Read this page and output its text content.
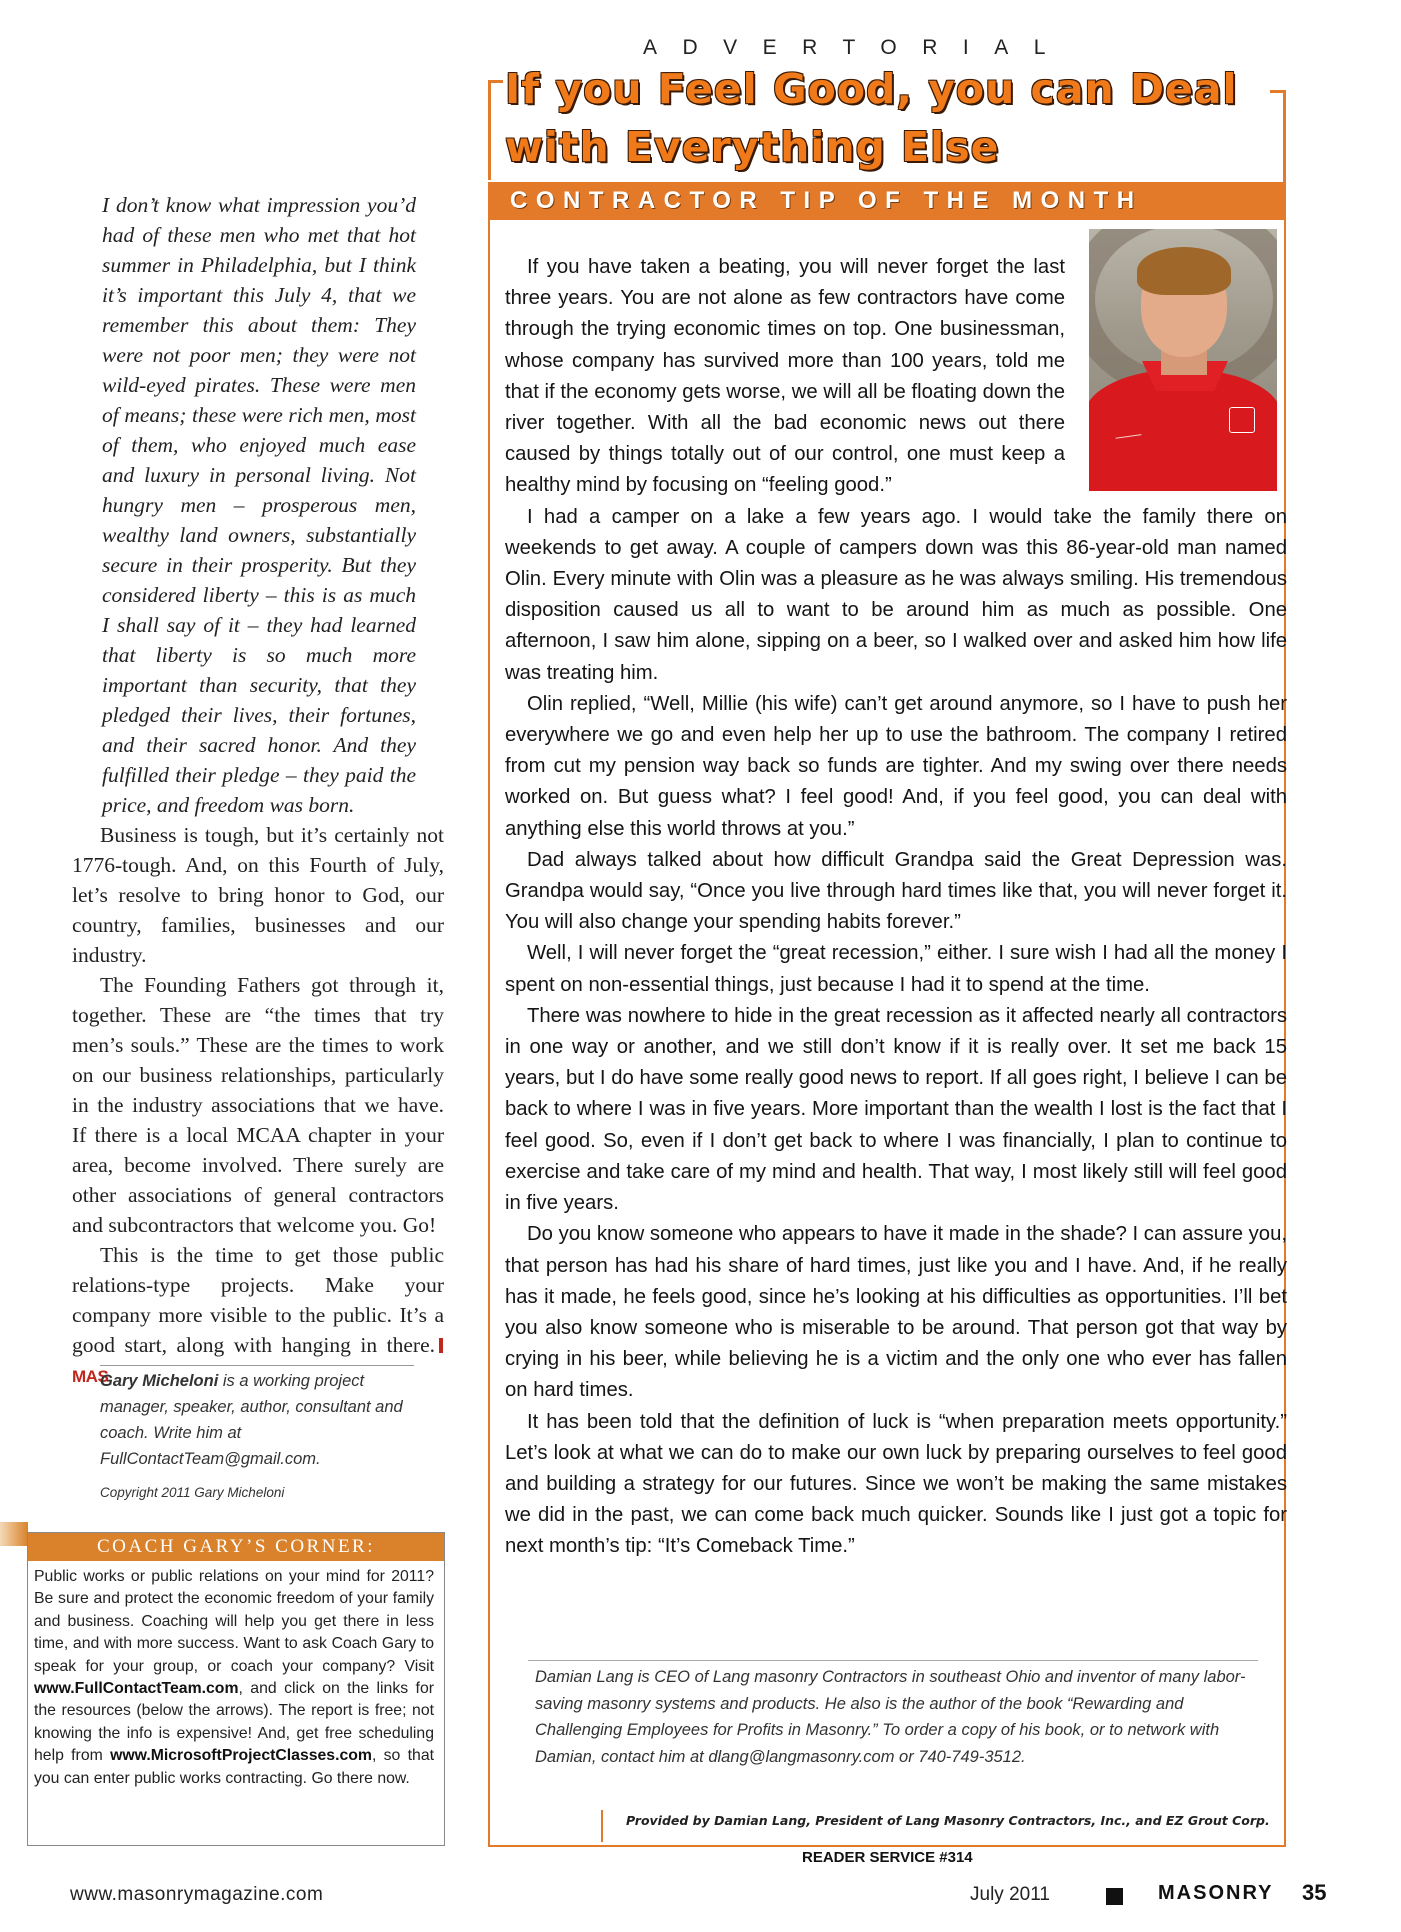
I don’t know what impression you’d had of these men who met that hot summer in Philadelphia, but I think it’s important this July 4, that we remember this about them: They were not poor men; they were not wild-eyed pirates. These were men of means; these were rich men, most of them, who enjoyed much ease and luxury in personal living. Not hungry men – prosperous men, wealthy land owners, substantially secure in their prosperity. But they considered liberty – this is as much I shall say of it – they had learned that liberty is so much more important than security, that they pledged their lives, their fortunes, and their sacred honor. And they fulfilled their pledge – they paid the price, and freedom was born.

Business is tough, but it’s certainly not 1776-tough. And, on this Fourth of July, let’s resolve to bring honor to God, our country, families, businesses and our industry.

The Founding Fathers got through it, together. These are “the times that try men’s souls.” These are the times to work on our business relationships, particularly in the industry associations that we have. If there is a local MCAA chapter in your area, become involved. There surely are other associations of general contractors and subcontractors that welcome you. Go!

This is the time to get those public relations-type projects. Make your company more visible to the public. It’s a good start, along with hanging in there.MAS

Gary Micheloni is a working project manager, speaker, author, consultant and coach. Write him at FullContactTeam@gmail.com.
Copyright 2011 Gary Micheloni
COACH GARY’S CORNER:
Public works or public relations on your mind for 2011? Be sure and protect the economic freedom of your family and business. Coaching will help you get there in less time, and with more success. Want to ask Coach Gary to speak for your group, or coach your company? Visit www.FullContactTeam.com, and click on the links for the resources (below the arrows). The report is free; not knowing the info is expensive! And, get free scheduling help from www.MicrosoftProjectClasses.com, so that you can enter public works contracting. Go there now.
ADVERTORIAL
If you Feel Good, you can Deal with Everything Else
CONTRACTOR TIP OF THE MONTH

If you have taken a beating, you will never forget the last three years. You are not alone as few contractors have come through the trying economic times on top. One businessman, whose company has survived more than 100 years, told me that if the economy gets worse, we will all be floating down the river together. With all the bad economic news out there caused by things totally out of our control, one must keep a healthy mind by focusing on “feeling good.”

I had a camper on a lake a few years ago. I would take the family there on weekends to get away. A couple of campers down was this 86-year-old man named Olin. Every minute with Olin was a pleasure as he was always smiling. His tremendous disposition caused us all to want to be around him as much as possible. One afternoon, I saw him alone, sipping on a beer, so I walked over and asked him how life was treating him.

Olin replied, “Well, Millie (his wife) can’t get around anymore, so I have to push her everywhere we go and even help her up to use the bathroom. The company I retired from cut my pension way back so funds are tighter. And my swing over there needs worked on. But guess what? I feel good! And, if you feel good, you can deal with anything else this world throws at you.”

Dad always talked about how difficult Grandpa said the Great Depression was. Grandpa would say, “Once you live through hard times like that, you will never forget it. You will also change your spending habits forever.”

Well, I will never forget the “great recession,” either. I sure wish I had all the money I spent on non-essential things, just because I had it to spend at the time.

There was nowhere to hide in the great recession as it affected nearly all contractors in one way or another, and we still don’t know if it is really over. It set me back 15 years, but I do have some really good news to report. If all goes right, I believe I can be back to where I was in five years. More important than the wealth I lost is the fact that I feel good. So, even if I don’t get back to where I was financially, I plan to continue to exercise and take care of my mind and health. That way, I most likely still will feel good in five years.

Do you know someone who appears to have it made in the shade? I can assure you, that person has had his share of hard times, just like you and I have. And, if he really has it made, he feels good, since he’s looking at his difficulties as opportunities. I’ll bet you also know someone who is miserable to be around. That person got that way by crying in his beer, while believing he is a victim and the only one who ever has fallen on hard times.

It has been told that the definition of luck is “when preparation meets opportunity.” Let’s look at what we can do to make our own luck by preparing ourselves to feel good and building a strategy for our futures. Since we won’t be making the same mistakes we did in the past, we can come back much quicker. Sounds like I just got a topic for next month’s tip: “It’s Comeback Time.”

Damian Lang is CEO of Lang masonry Contractors in southeast Ohio and inventor of many labor-saving masonry systems and products. He also is the author of the book “Rewarding and Challenging Employees for Profits in Masonry.” To order a copy of his book, or to network with Damian, contact him at dlang@langmasonry.com or 740-749-3512.
Provided by Damian Lang, President of Lang Masonry Contractors, Inc., and EZ Grout Corp.
READER SERVICE #314
www.masonrymagazine.com	July 2011	MASONRY 35
